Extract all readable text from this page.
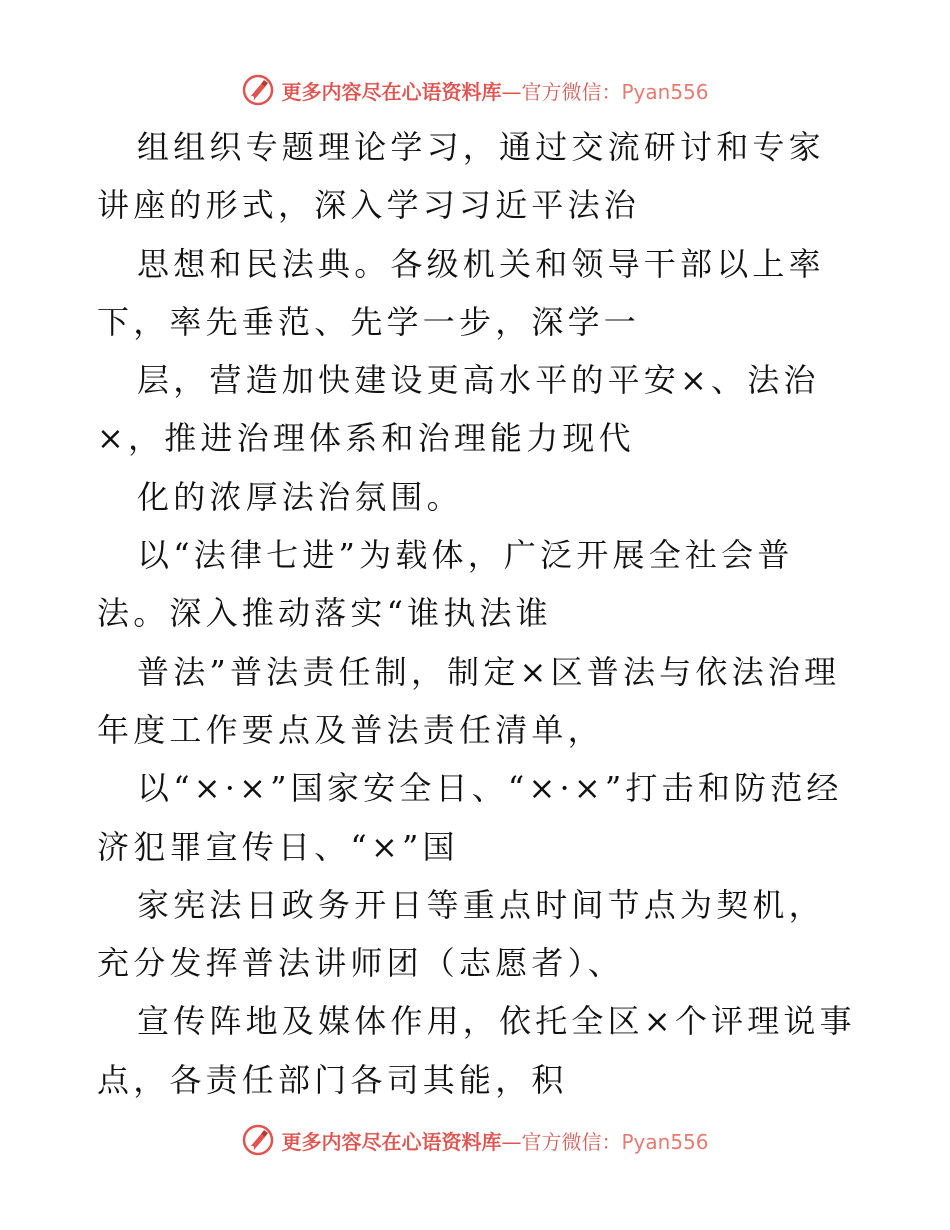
更多内容尽在心语资料库—官方微信：Pyan556

组组织专题理论学习，通过交流研讨和专家讲座的形式，深入学习习近平法治

思想和民法典。各级机关和领导干部以上率下，率先垂范、先学一步，深学一

层，营造加快建设更高水平的平安×、法治×，推进治理体系和治理能力现代

化的浓厚法治氛围。

以“法律七进”为载体，广泛开展全社会普法。深入推动落实“谁执法谁

普法”普法责任制，制定×区普法与依法治理年度工作要点及普法责任清单，

以“×·×”国家安全日、“×·×”打击和防范经济犯罪宣传日、“×”国

家宪法日政务开日等重点时间节点为契机，充分发挥普法讲师团（志愿者）、

宣传阵地及媒体作用，依托全区×个评理说事点，各责任部门各司其能，积

更多内容尽在心语资料库—官方微信：Pyan556
